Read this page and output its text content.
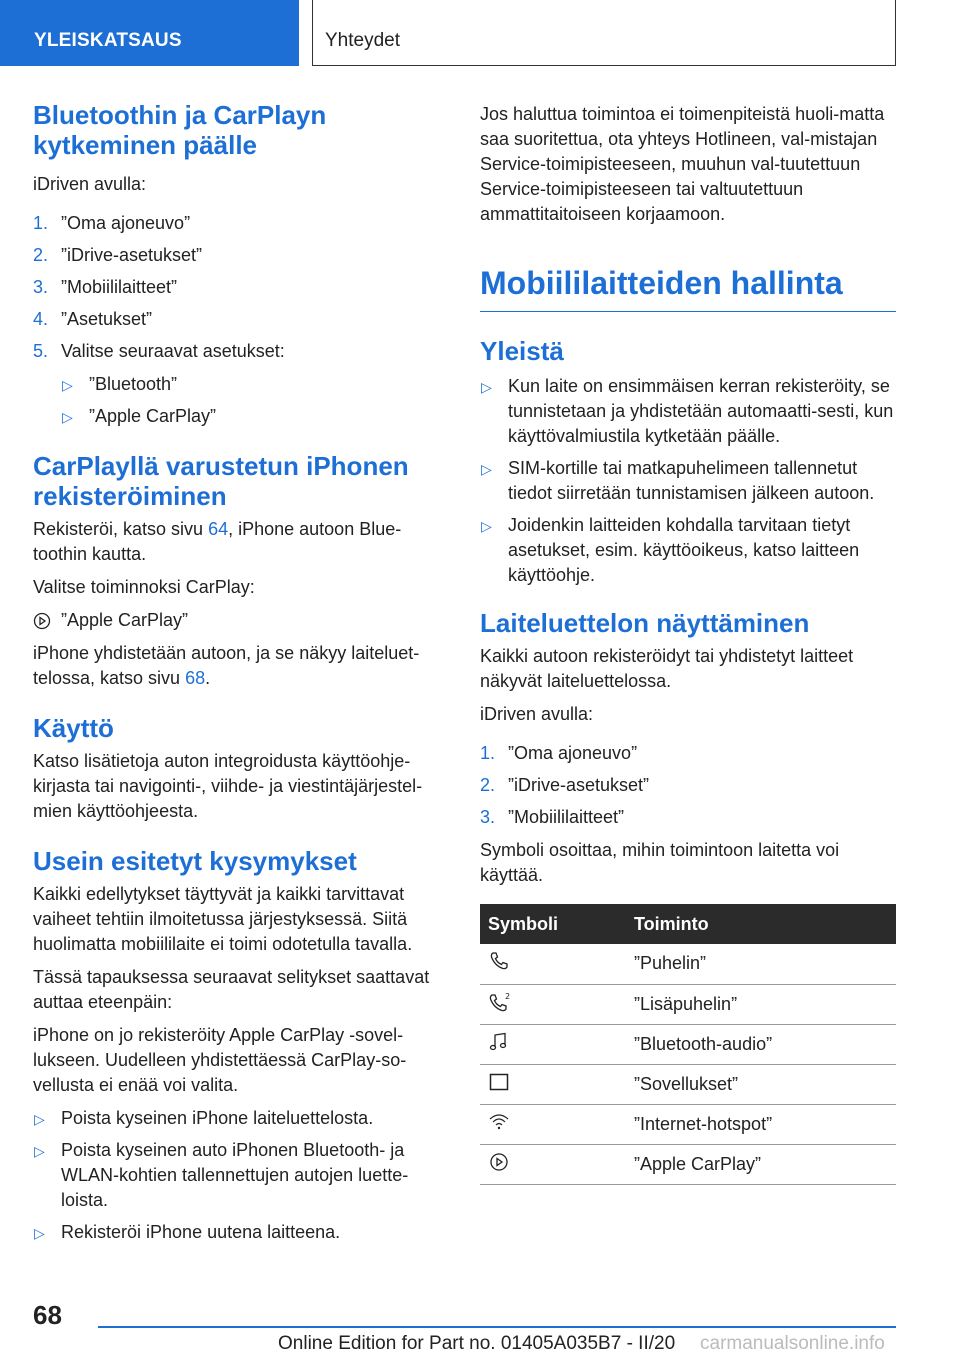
YLEISKATSAUS	Yhteydet
Bluetoothin ja CarPlayn kytkeminen päälle

iDriven avulla:

1. ”Oma ajoneuvo”
2. ”iDrive-asetukset”
3. ”Mobiililaitteet”
4. ”Asetukset”
5. Valitse seuraavat asetukset:
▷ ”Bluetooth”
▷ ”Apple CarPlay”
CarPlayllä varustetun iPhonen rekisteröiminen

Rekisteröi, katso sivu 64, iPhone autoon Blue-toothin kautta.

Valitse toiminnoksi CarPlay:

”Apple CarPlay”

iPhone yhdistetään autoon, ja se näkyy laiteluet-telossa, katso sivu 68.

Käyttö

Katso lisätietoja auton integroidusta käyttöohje-kirjasta tai navigointi-, viihde- ja viestintäjärjestel-mien käyttöohjeesta.

Usein esitetyt kysymykset

Kaikki edellytykset täyttyvät ja kaikki tarvittavat vaiheet tehtiin ilmoitetussa järjestyksessä. Siitä huolimatta mobiililaite ei toimi odotetulla tavalla.

Tässä tapauksessa seuraavat selitykset saattavat auttaa eteenpäin:

iPhone on jo rekisteröity Apple CarPlay -sovel-lukseen. Uudelleen yhdistettäessä CarPlay-so-vellusta ei enää voi valita.

▷ Poista kyseinen iPhone laiteluettelosta.
▷ Poista kyseinen auto iPhonen Bluetooth- ja WLAN-kohtien tallennettujen autojen luette-loista.
▷ Rekisteröi iPhone uutena laitteena.

Jos haluttua toimintoa ei toimenpiteistä huoli-matta saa suoritettua, ota yhteys Hotlineen, val-mistajan Service-toimipisteeseen, muuhun val-tuutettuun Service-toimipisteeseen tai valtuutettuun ammattitaitoiseen korjaamoon.

Mobiililaitteiden hallinta
Yleistä
▷ Kun laite on ensimmäisen kerran rekisteröity, se tunnistetaan ja yhdistetään automaatti-sesti, kun käyttövalmiustila kytketään päälle.
▷ SIM-kortille tai matkapuhelimeen tallennetut tiedot siirretään tunnistamisen jälkeen autoon.
▷ Joidenkin laitteiden kohdalla tarvitaan tietyt asetukset, esim. käyttöoikeus, katso laitteen käyttöohje.
Laiteluettelon näyttäminen

Kaikki autoon rekisteröidyt tai yhdistetyt laitteet näkyvät laiteluettelossa.

iDriven avulla:

1. ”Oma ajoneuvo”
2. ”iDrive-asetukset”
3. ”Mobiililaitteet”

Symboli osoittaa, mihin toimintoon laitetta voi käyttää.

Symboli	Toiminto
	”Puhelin”

2	”Lisäpuhelin”
	”Bluetooth-audio”
	”Sovellukset”
	”Internet-hotspot”
	”Apple CarPlay”
68
Online Edition for Part no. 01405A035B7 - II/20 carmanualsonline.info
